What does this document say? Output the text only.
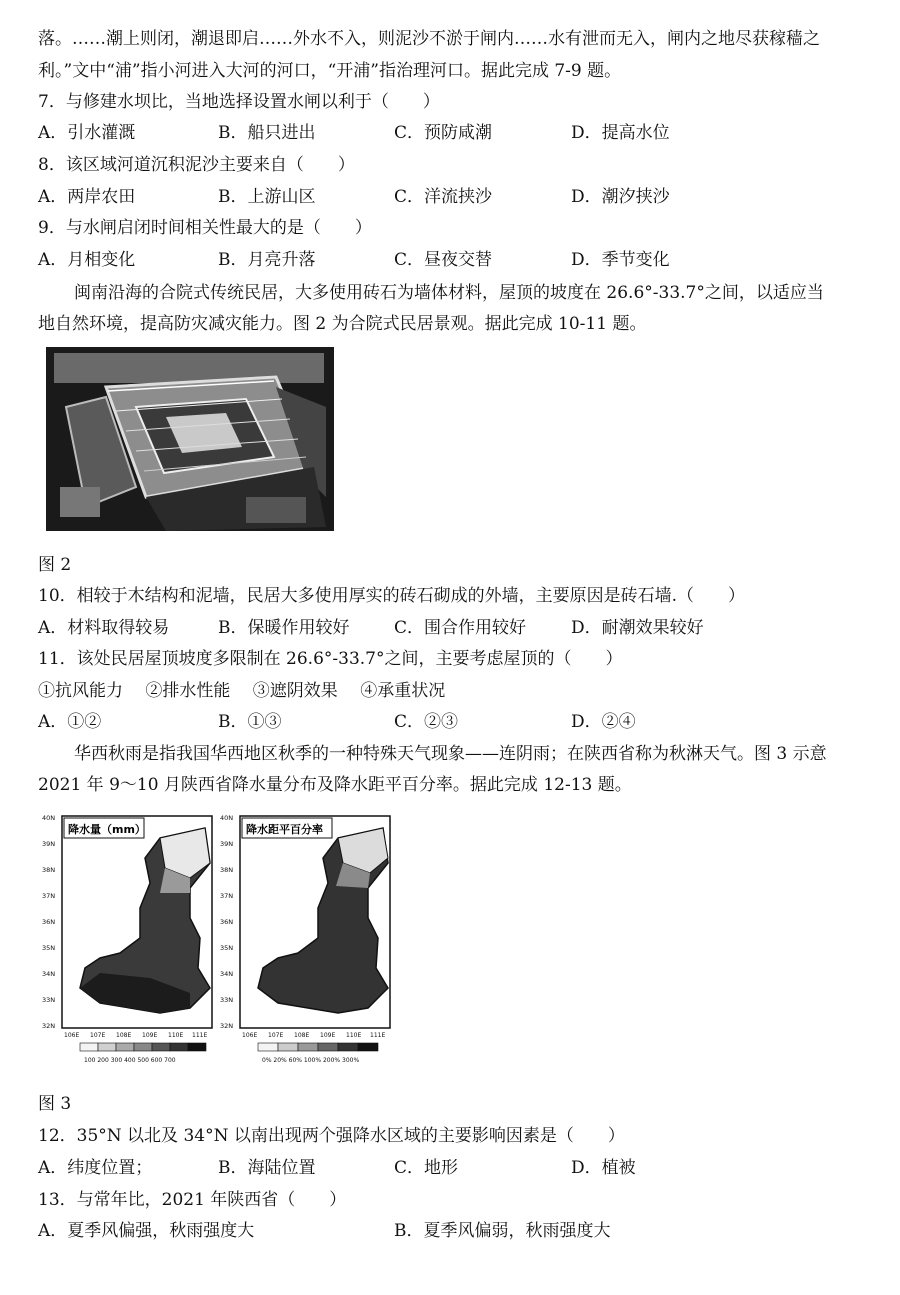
落。……潮上则闭，潮退即启……外水不入，则泥沙不淤于闸内……水有泄而无入，闸内之地尽获稼穑之
利。”文中“浦”指小河进入大河的河口，“开浦”指治理河口。据此完成 7-9 题。
7．与修建水坝比，当地选择设置水闸以利于（　　）
A．引水灌溉	B．船只进出	C．预防咸潮	D．提高水位
8．该区域河道沉积泥沙主要来自（　　）
A．两岸农田	B．上游山区	C．洋流挟沙	D．潮汐挟沙
9．与水闸启闭时间相关性最大的是（　　）
A．月相变化	B．月亮升落	C．昼夜交替	D．季节变化
闽南沿海的合院式传统民居，大多使用砖石为墙体材料，屋顶的坡度在 26.6°-33.7°之间，以适应当
地自然环境，提高防灾减灾能力。图 2 为合院式民居景观。据此完成 10-11 题。
图 2
10．相较于木结构和泥墙，民居大多使用厚实的砖石砌成的外墙，主要原因是砖石墙.（　　）
A．材料取得较易	B．保暖作用较好	C．围合作用较好	D．耐潮效果较好
11．该处民居屋顶坡度多限制在 26.6°-33.7°之间，主要考虑屋顶的（　　）
①抗风能力　 ②排水性能　 ③遮阴效果　 ④承重状况
A．①②	B．①③	C．②③	D．②④
华西秋雨是指我国华西地区秋季的一种特殊天气现象——连阴雨；在陕西省称为秋淋天气。图 3 示意
2021 年 9～10 月陕西省降水量分布及降水距平百分率。据此完成 12-13 题。
降水量（mm）	降水距平百分率
40N
39N
38N
37N
36N
35N
34N
33N
32N
40N
39N
38N
37N
36N
35N
34N
33N
32N
106E 107E 108E 109E 110E 111E	106E 107E 108E 109E 110E 111E
100 200 300 400 500 600 700	0% 20% 60% 100% 200% 300%
图 3
12．35°N 以北及 34°N 以南出现两个强降水区域的主要影响因素是（　　）
A．纬度位置；	B．海陆位置	C．地形	D．植被
13．与常年比，2021 年陕西省（　　）
A．夏季风偏强，秋雨强度大	B．夏季风偏弱，秋雨强度大
